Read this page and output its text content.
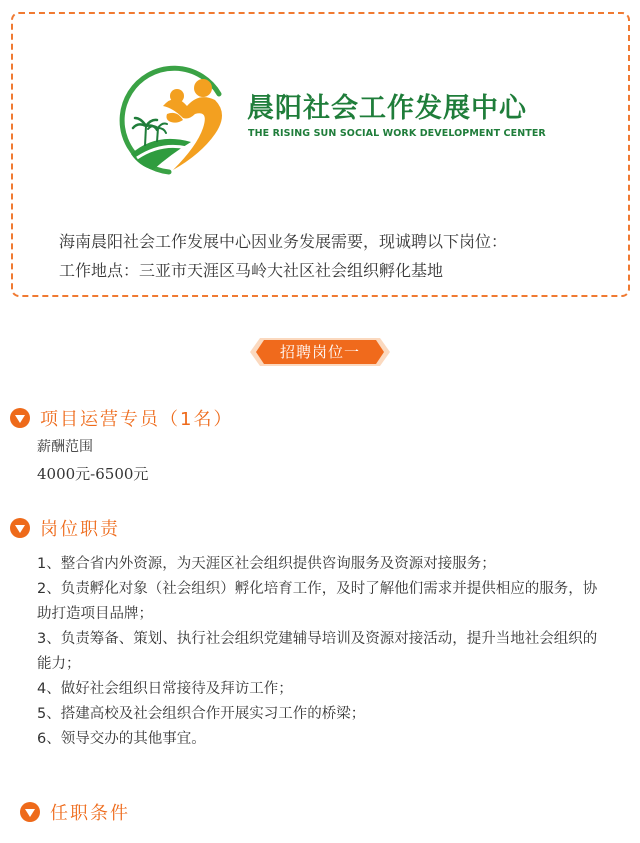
晨阳社会工作发展中心
THE RISING SUN SOCIAL WORK DEVELOPMENT CENTER
海南晨阳社会工作发展中心因业务发展需要，现诚聘以下岗位：
工作地点：三亚市天涯区马岭大社区社会组织孵化基地
招聘岗位一
项目运营专员（1名）
薪酬范围
4000元-6500元
岗位职责
1、整合省内外资源，为天涯区社会组织提供咨询服务及资源对接服务；
2、负责孵化对象（社会组织）孵化培育工作，及时了解他们需求并提供相应的服务，协助打造项目品牌；
3、负责筹备、策划、执行社会组织党建辅导培训及资源对接活动，提升当地社会组织的能力；
4、做好社会组织日常接待及拜访工作；
5、搭建高校及社会组织合作开展实习工作的桥梁；
6、领导交办的其他事宜。
任职条件
